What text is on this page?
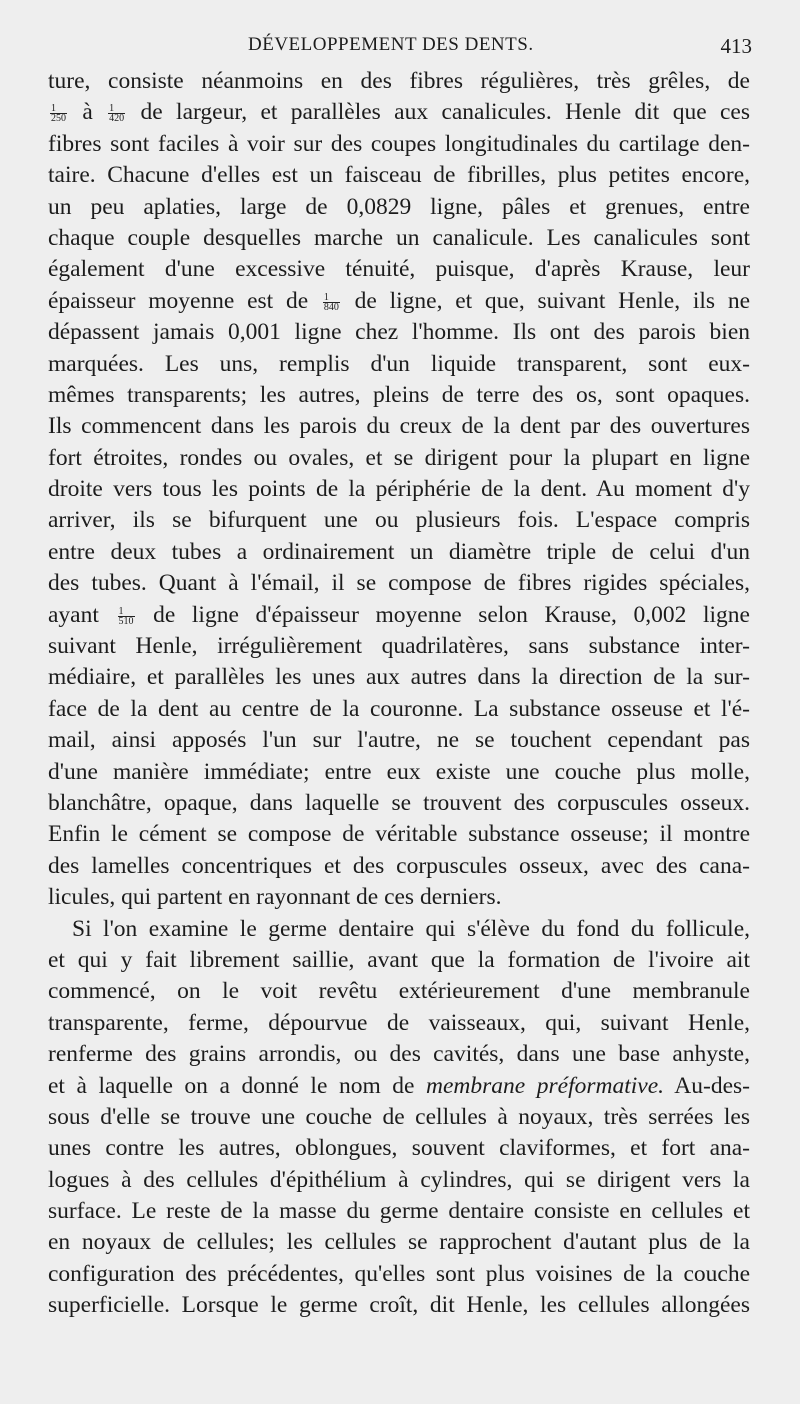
DÉVELOPPEMENT DES DENTS.	413
ture, consiste néanmoins en des fibres régulières, très grêles, de
$\frac{1}{250}$ à $\frac{1}{420}$ de largeur, et parallèles aux canalicules. Henle dit que ces
fibres sont faciles à voir sur des coupes longitudinales du cartilage den-
taire. Chacune d'elles est un faisceau de fibrilles, plus petites encore,
un peu aplaties, large de 0,0829 ligne, pâles et grenues, entre
chaque couple desquelles marche un canalicule. Les canalicules sont
également d'une excessive ténuité, puisque, d'après Krause, leur
épaisseur moyenne est de $\frac{1}{840}$ de ligne, et que, suivant Henle, ils ne
dépassent jamais 0,001 ligne chez l'homme. Ils ont des parois bien
marquées. Les uns, remplis d'un liquide transparent, sont eux-
mêmes transparents; les autres, pleins de terre des os, sont opaques.
Ils commencent dans les parois du creux de la dent par des ouvertures
fort étroites, rondes ou ovales, et se dirigent pour la plupart en ligne
droite vers tous les points de la périphérie de la dent. Au moment d'y
arriver, ils se bifurquent une ou plusieurs fois. L'espace compris
entre deux tubes a ordinairement un diamètre triple de celui d'un
des tubes. Quant à l'émail, il se compose de fibres rigides spéciales,
ayant $\frac{1}{510}$ de ligne d'épaisseur moyenne selon Krause, 0,002 ligne
suivant Henle, irrégulièrement quadrilatères, sans substance inter-
médiaire, et parallèles les unes aux autres dans la direction de la sur-
face de la dent au centre de la couronne. La substance osseuse et l'é-
mail, ainsi apposés l'un sur l'autre, ne se touchent cependant pas
d'une manière immédiate; entre eux existe une couche plus molle,
blanchâtre, opaque, dans laquelle se trouvent des corpuscules osseux.
Enfin le cément se compose de véritable substance osseuse; il montre
des lamelles concentriques et des corpuscules osseux, avec des cana-
licules, qui partent en rayonnant de ces derniers.
Si l'on examine le germe dentaire qui s'élève du fond du follicule,
et qui y fait librement saillie, avant que la formation de l'ivoire ait
commencé, on le voit revêtu extérieurement d'une membranule
transparente, ferme, dépourvue de vaisseaux, qui, suivant Henle,
renferme des grains arrondis, ou des cavités, dans une base anhyste,
et à laquelle on a donné le nom de membrane préformative. Au-des-
sous d'elle se trouve une couche de cellules à noyaux, très serrées les
unes contre les autres, oblongues, souvent claviformes, et fort ana-
logues à des cellules d'épithélium à cylindres, qui se dirigent vers la
surface. Le reste de la masse du germe dentaire consiste en cellules et
en noyaux de cellules; les cellules se rapprochent d'autant plus de la
configuration des précédentes, qu'elles sont plus voisines de la couche
superficielle. Lorsque le germe croît, dit Henle, les cellules allongées
